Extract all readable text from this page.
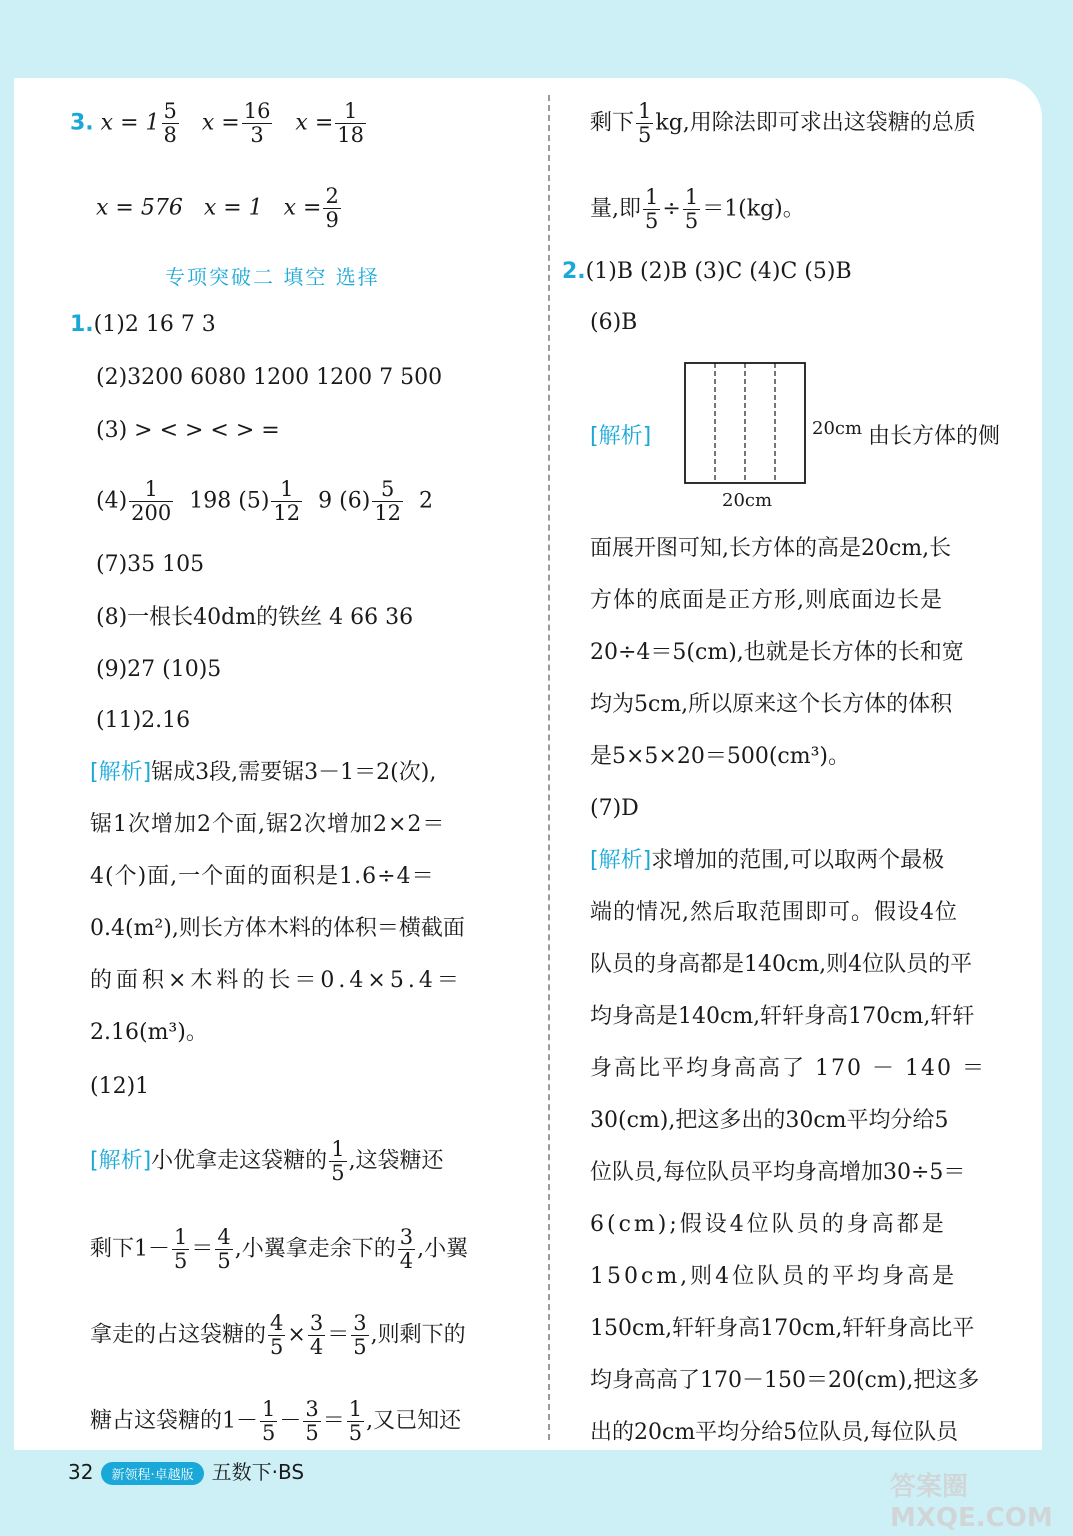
3. $x = 1 \frac{5}{8}$ $x = \frac{16}{3}$ $x = \frac{1}{18}$
x = 576 x = 1 $x = \frac{2}{9}$
专项突破二 填空 选择
1.(1)2 16 7 3
(2)3200 6080 1200 1200 7 500
(3) > < > < > =
$(4) \frac{1}{200} 198$ $(5) \frac{1}{12} 9$ $(6) \frac{5}{12} 2$
(7)35 105
(8)一根长40dm的铁丝 4 66 36
(9)27 (10)5
(11)2.16
[解析]锯成3段,需要锯3－1＝2(次),
锯1次增加2个面,锯2次增加2×2＝
4(个)面,一个面的面积是1.6÷4＝
0.4(m²),则长方体木料的体积＝横截面
的面积×木料的长＝0.4×5.4＝
2.16(m³)。
(12)1
[解析]小优拿走这袋糖的 $\frac{1}{5}$ ,这袋糖还
剩下$1- \frac{1}{5} = \frac{4}{5}$ ,小翼拿走余下的 $\frac{3}{4}$ ,小翼
拿走的占这袋糖的 $\frac{4}{5} \times \frac{3}{4} = \frac{3}{5}$ ,则剩下的
糖占这袋糖的$1- \frac{1}{5} - \frac{3}{5} = \frac{1}{5}$ ,又已知还
剩下 $\frac{1}{5}$ kg,用除法即可求出这袋糖的总质
量,即 $\frac{1}{5} \div \frac{1}{5} =1(kg)$。
2.(1)B (2)B (3)C (4)C (5)B
(6)B
[解析]	20cm
20cm
由长方体的侧
面展开图可知,长方体的高是20cm,长
方体的底面是正方形,则底面边长是
20÷4＝5(cm),也就是长方体的长和宽
均为5cm,所以原来这个长方体的体积
是5×5×20＝500(cm³)。
(7)D
[解析]求增加的范围,可以取两个最极
端的情况,然后取范围即可。假设4位
队员的身高都是140cm,则4位队员的平
均身高是140cm,轩轩身高170cm,轩轩
身高比平均身高高了 170 － 140 ＝
30(cm),把这多出的30cm平均分给5
位队员,每位队员平均身高增加30÷5＝
6(cm);假设4位队员的身高都是
150cm,则4位队员的平均身高是
150cm,轩轩身高170cm,轩轩身高比平
均身高高了170－150＝20(cm),把这多
出的20cm平均分给5位队员,每位队员
32 新领程·卓越版 五数下·BS	答案圈 MXQE.COM
